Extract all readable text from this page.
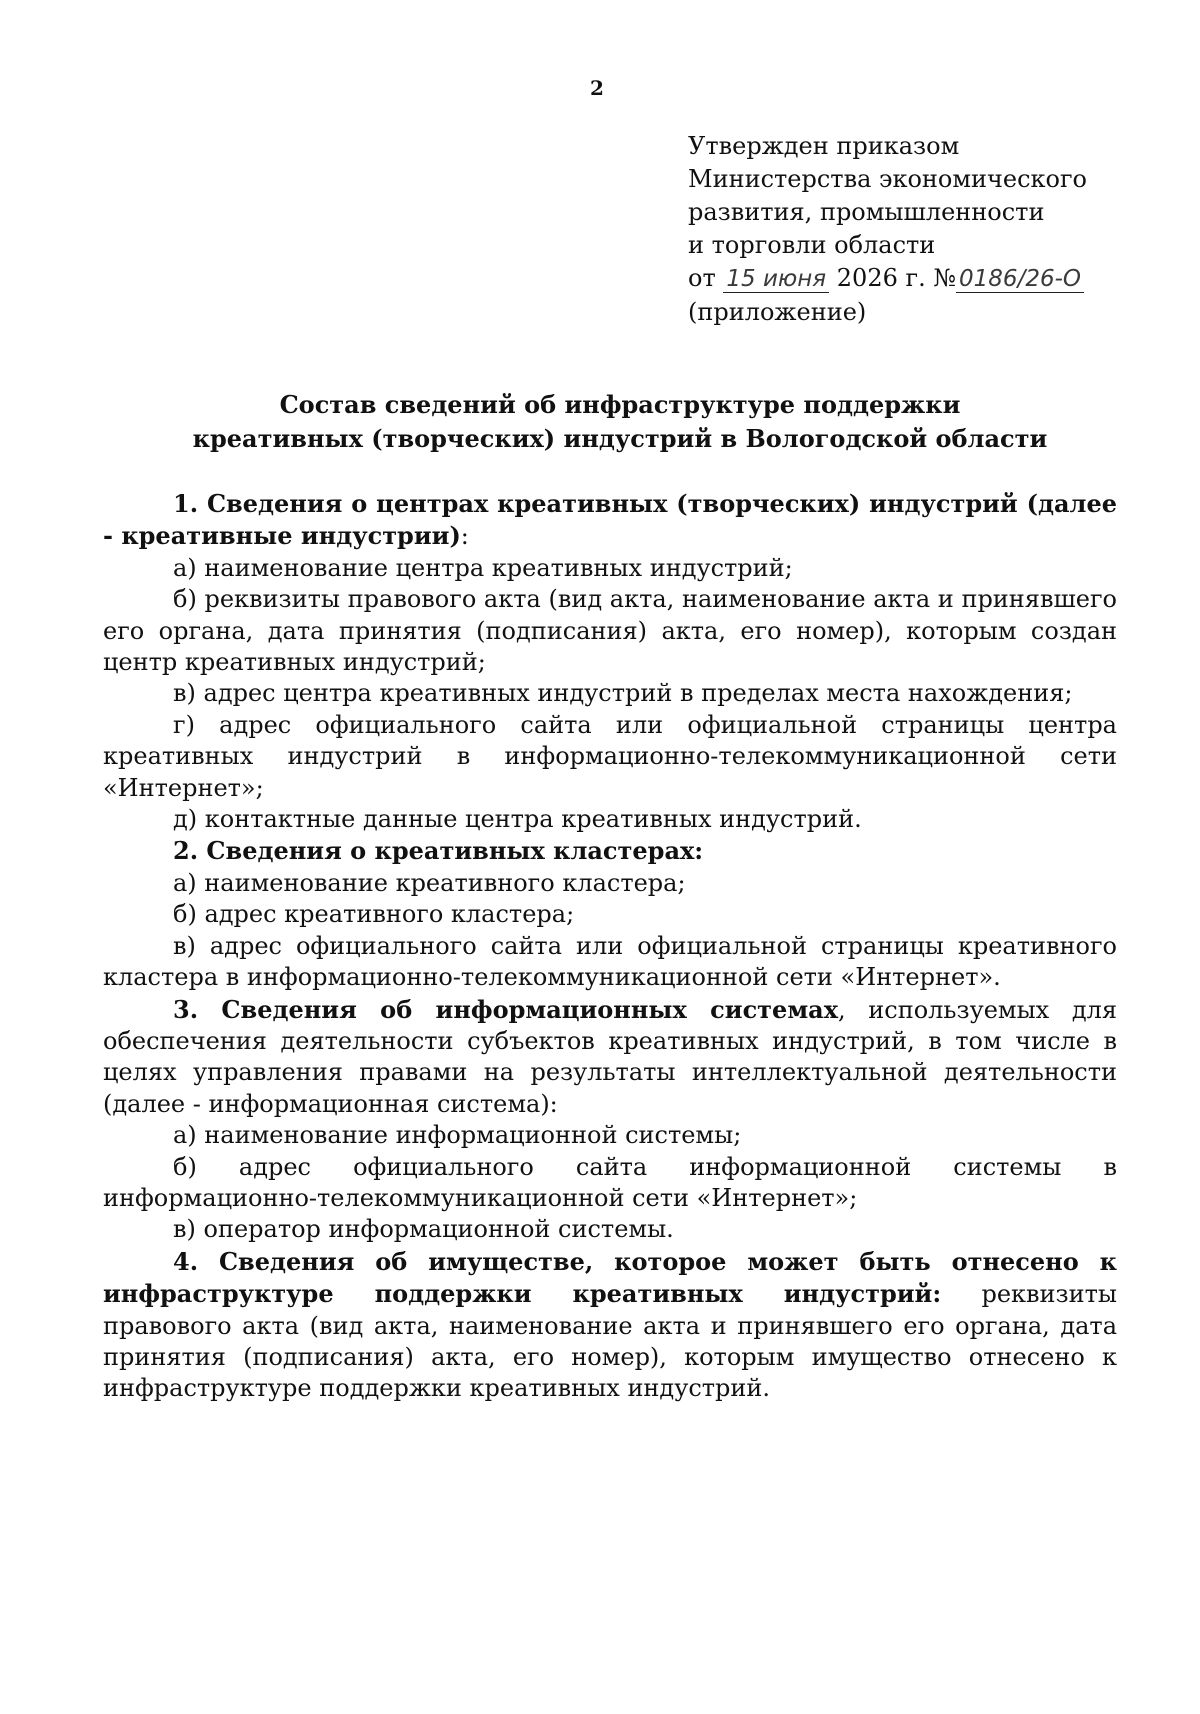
2
Утвержден приказом
Министерства экономического
развития, промышленности
и торговли области
от 15 июня 2026 г. № 0186/26-О
(приложение)
Состав сведений об инфраструктуре поддержки
креативных (творческих) индустрий в Вологодской области

1. Сведения о центрах креативных (творческих) индустрий (далее - креативные индустрии):

а) наименование центра креативных индустрий;

б) реквизиты правового акта (вид акта, наименование акта и принявшего его органа, дата принятия (подписания) акта, его номер), которым создан центр креативных индустрий;

в) адрес центра креативных индустрий в пределах места нахождения;

г) адрес официального сайта или официальной страницы центра креативных индустрий в информационно-телекоммуникационной сети «Интернет»;

д) контактные данные центра креативных индустрий.

2. Сведения о креативных кластерах:

а) наименование креативного кластера;

б) адрес креативного кластера;

в) адрес официального сайта или официальной страницы креативного кластера в информационно-телекоммуникационной сети «Интернет».

3. Сведения об информационных системах, используемых для обеспечения деятельности субъектов креативных индустрий, в том числе в целях управления правами на результаты интеллектуальной деятельности (далее - информационная система):

а) наименование информационной системы;

б) адрес официального сайта информационной системы в информационно-телекоммуникационной сети «Интернет»;

в) оператор информационной системы.

4. Сведения об имуществе, которое может быть отнесено к инфраструктуре поддержки креативных индустрий: реквизиты правового акта (вид акта, наименование акта и принявшего его органа, дата принятия (подписания) акта, его номер), которым имущество отнесено к инфраструктуре поддержки креативных индустрий.
